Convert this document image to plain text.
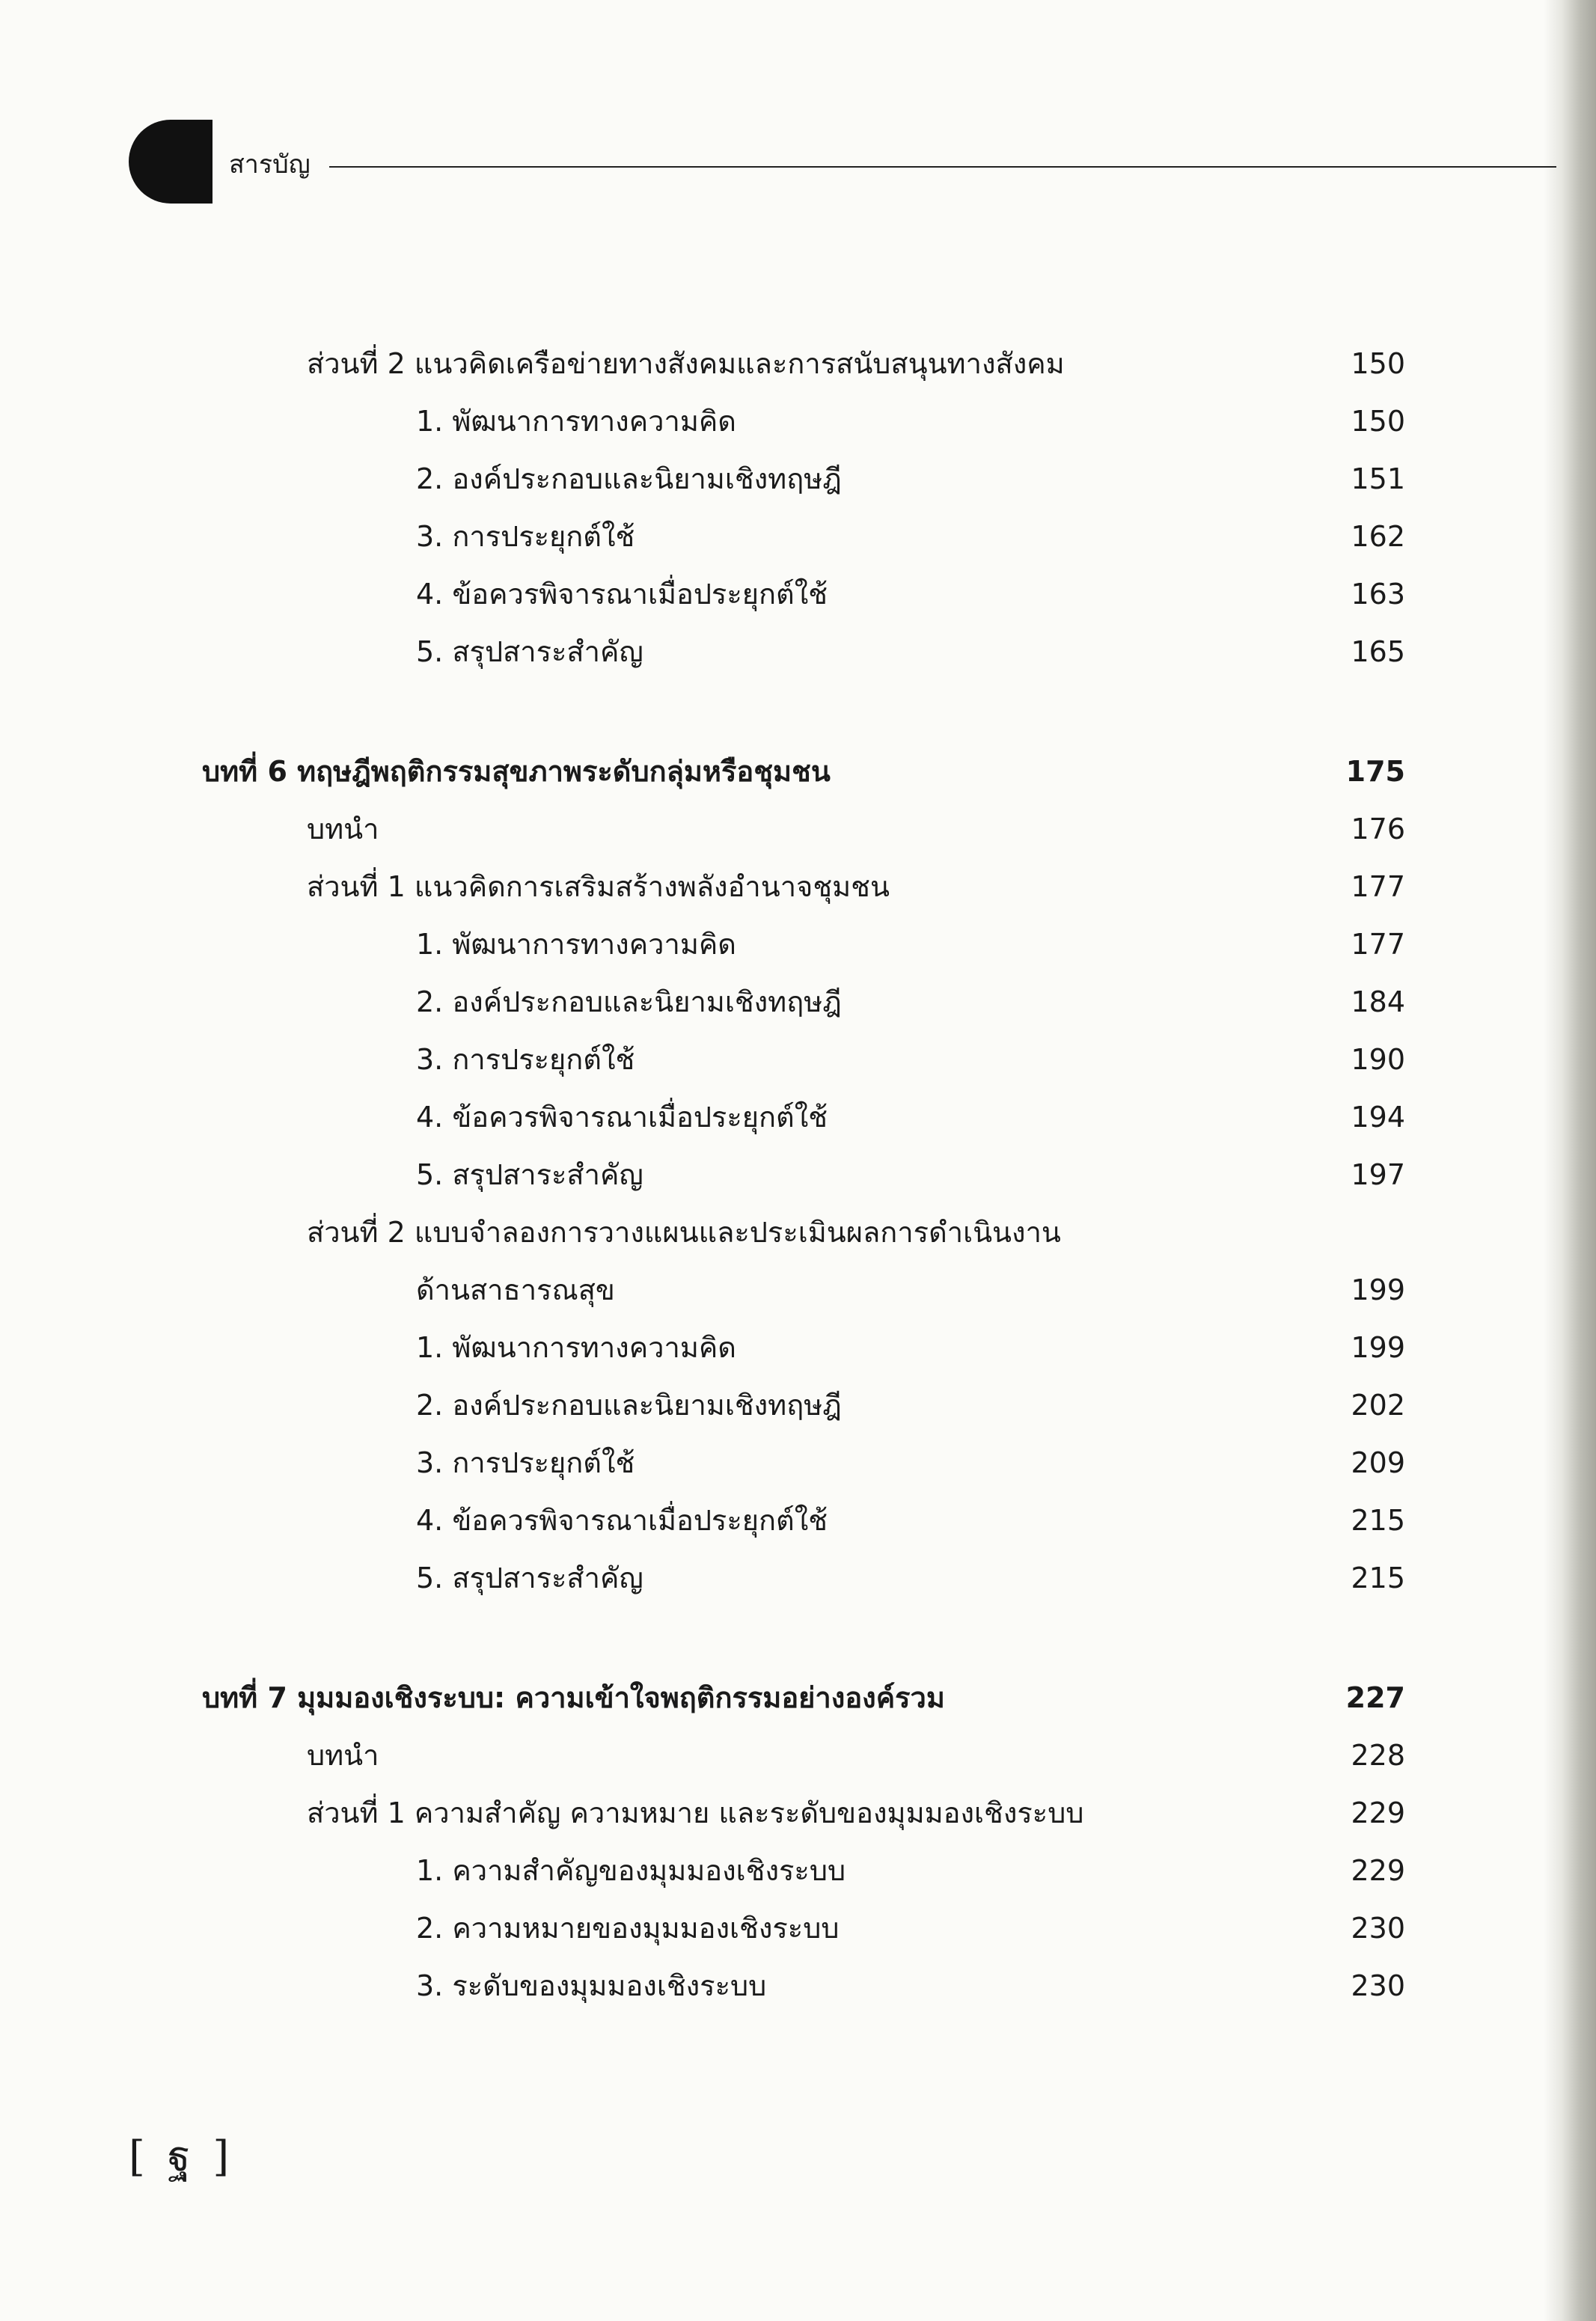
สารบัญ
ส่วนที่ 2 แนวคิดเครือข่ายทางสังคมและการสนับสนุนทางสังคม	150
1. พัฒนาการทางความคิด	150
2. องค์ประกอบและนิยามเชิงทฤษฎี	151
3. การประยุกต์ใช้	162
4. ข้อควรพิจารณาเมื่อประยุกต์ใช้	163
5. สรุปสาระสำคัญ	165
บทที่ 6 ทฤษฎีพฤติกรรมสุขภาพระดับกลุ่มหรือชุมชน	175
บทนำ	176
ส่วนที่ 1 แนวคิดการเสริมสร้างพลังอำนาจชุมชน	177
1. พัฒนาการทางความคิด	177
2. องค์ประกอบและนิยามเชิงทฤษฎี	184
3. การประยุกต์ใช้	190
4. ข้อควรพิจารณาเมื่อประยุกต์ใช้	194
5. สรุปสาระสำคัญ	197
ส่วนที่ 2 แบบจำลองการวางแผนและประเมินผลการดำเนินงาน
ด้านสาธารณสุข	199
1. พัฒนาการทางความคิด	199
2. องค์ประกอบและนิยามเชิงทฤษฎี	202
3. การประยุกต์ใช้	209
4. ข้อควรพิจารณาเมื่อประยุกต์ใช้	215
5. สรุปสาระสำคัญ	215
บทที่ 7 มุมมองเชิงระบบ: ความเข้าใจพฤติกรรมอย่างองค์รวม	227
บทนำ	228
ส่วนที่ 1 ความสำคัญ ความหมาย และระดับของมุมมองเชิงระบบ	229
1. ความสำคัญของมุมมองเชิงระบบ	229
2. ความหมายของมุมมองเชิงระบบ	230
3. ระดับของมุมมองเชิงระบบ	230
[ ฐ ]
